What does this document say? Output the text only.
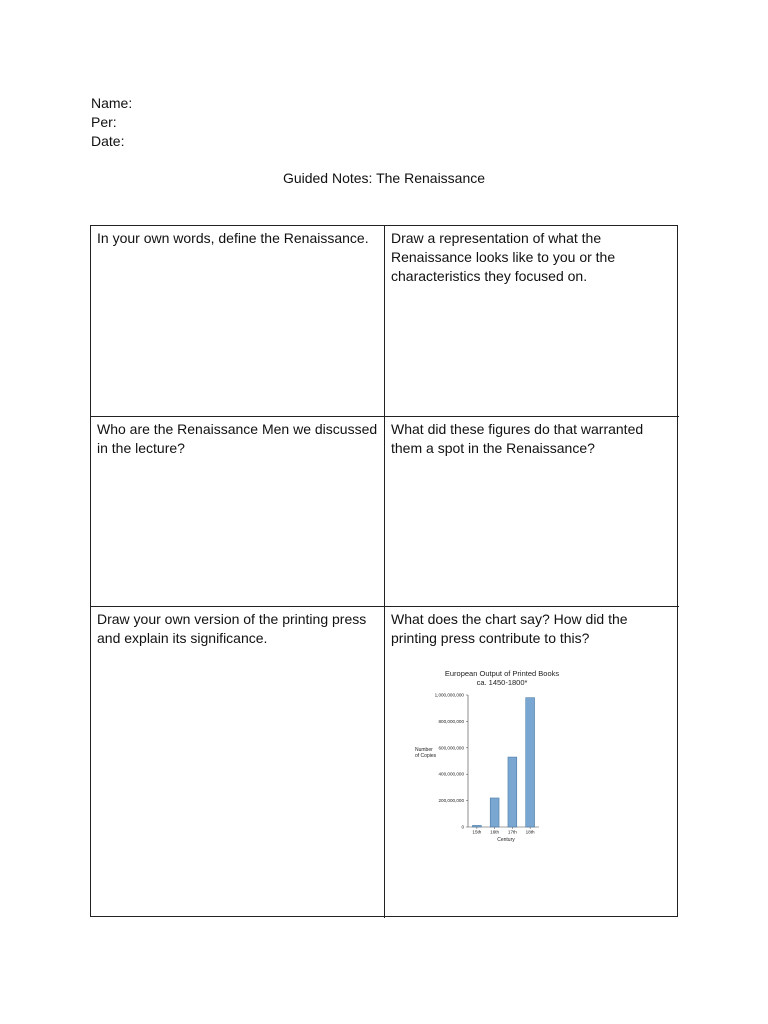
Name:
Per:
Date:
Guided Notes: The Renaissance
In your own words, define the Renaissance.	Draw a representation of what the Renaissance looks like to you or the characteristics they focused on.
Who are the Renaissance Men we discussed in the lecture?
What did these figures do that warranted them a spot in the Renaissance?
Draw your own version of the printing press and explain its significance.
What does the chart say? How did the printing press contribute to this?
European Output of Printed Books
ca. 1450-1800*
0
200,000,000
400,000,000
600,000,000
800,000,000
1,000,000,000
15th 16th 17th 18th
Number
of Copies
Century
